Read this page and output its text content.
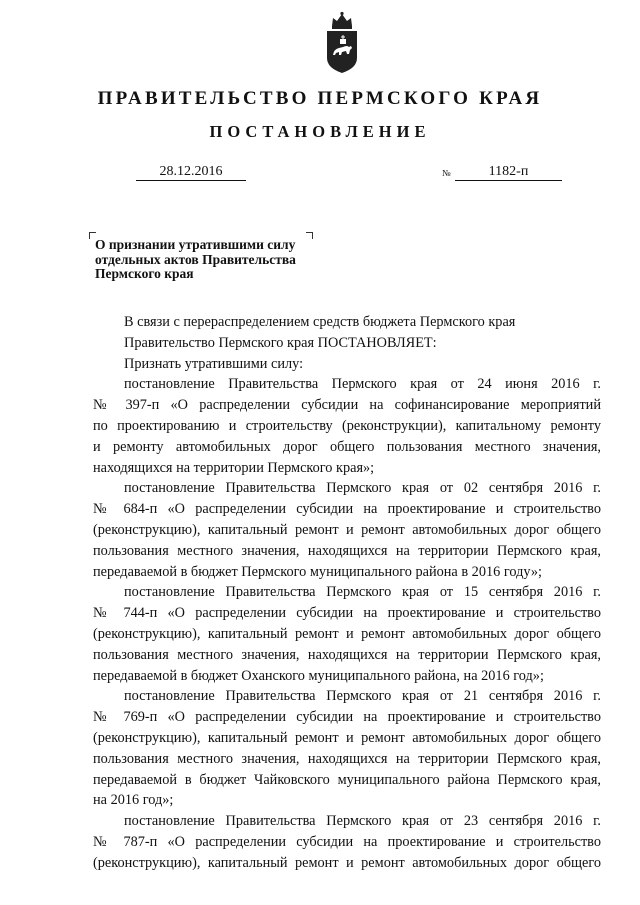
ПРАВИТЕЛЬСТВО ПЕРМСКОГО КРАЯ
ПОСТАНОВЛЕНИЕ
28.12.2016	№	1182-п
О признании утратившими силу
отдельных актов Правительства
Пермского края
В связи с перераспределением средств бюджета Пермского края
Правительство Пермского края ПОСТАНОВЛЯЕТ:
Признать утратившими силу:
постановление Правительства Пермского края от 24 июня 2016 г.
№ 397-п «О распределении субсидии на софинансирование мероприятий
по проектированию и строительству (реконструкции), капитальному ремонту
и ремонту автомобильных дорог общего пользования местного значения,
находящихся на территории Пермского края»;
постановление Правительства Пермского края от 02 сентября 2016 г.
№ 684-п «О распределении субсидии на проектирование и строительство
(реконструкцию), капитальный ремонт и ремонт автомобильных дорог общего
пользования местного значения, находящихся на территории Пермского края,
передаваемой в бюджет Пермского муниципального района в 2016 году»;
постановление Правительства Пермского края от 15 сентября 2016 г.
№ 744-п «О распределении субсидии на проектирование и строительство
(реконструкцию), капитальный ремонт и ремонт автомобильных дорог общего
пользования местного значения, находящихся на территории Пермского края,
передаваемой в бюджет Оханского муниципального района, на 2016 год»;
постановление Правительства Пермского края от 21 сентября 2016 г.
№ 769-п «О распределении субсидии на проектирование и строительство
(реконструкцию), капитальный ремонт и ремонт автомобильных дорог общего
пользования местного значения, находящихся на территории Пермского края,
передаваемой в бюджет Чайковского муниципального района Пермского края,
на 2016 год»;
постановление Правительства Пермского края от 23 сентября 2016 г.
№ 787-п «О распределении субсидии на проектирование и строительство
(реконструкцию), капитальный ремонт и ремонт автомобильных дорог общего
